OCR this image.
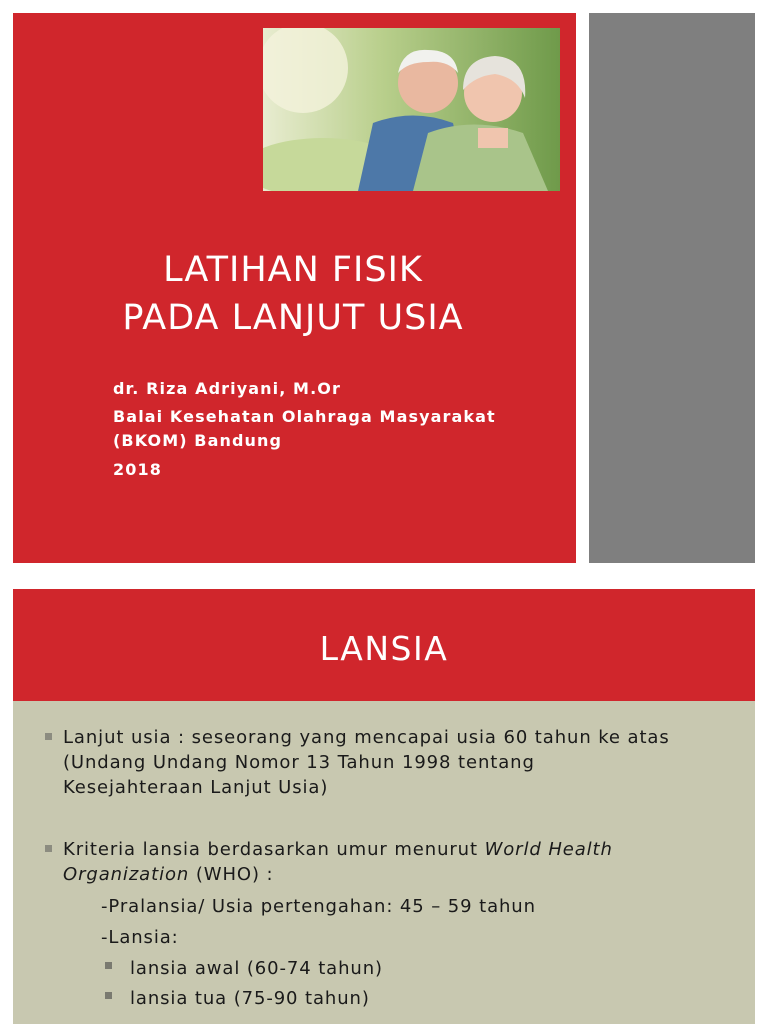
LATIHAN FISIK
PADA LANJUT USIA
dr. Riza Adriyani, M.Or
Balai Kesehatan Olahraga Masyarakat
(BKOM) Bandung
2018
LANSIA
Lanjut usia : seseorang yang mencapai usia 60 tahun ke atas
(Undang Undang Nomor 13 Tahun 1998 tentang
Kesejahteraan Lanjut Usia)
Kriteria lansia berdasarkan umur menurut World Health
Organization (WHO) :
-Pralansia/ Usia pertengahan: 45 – 59 tahun
-Lansia:
lansia awal (60-74 tahun)
lansia tua (75-90 tahun)
